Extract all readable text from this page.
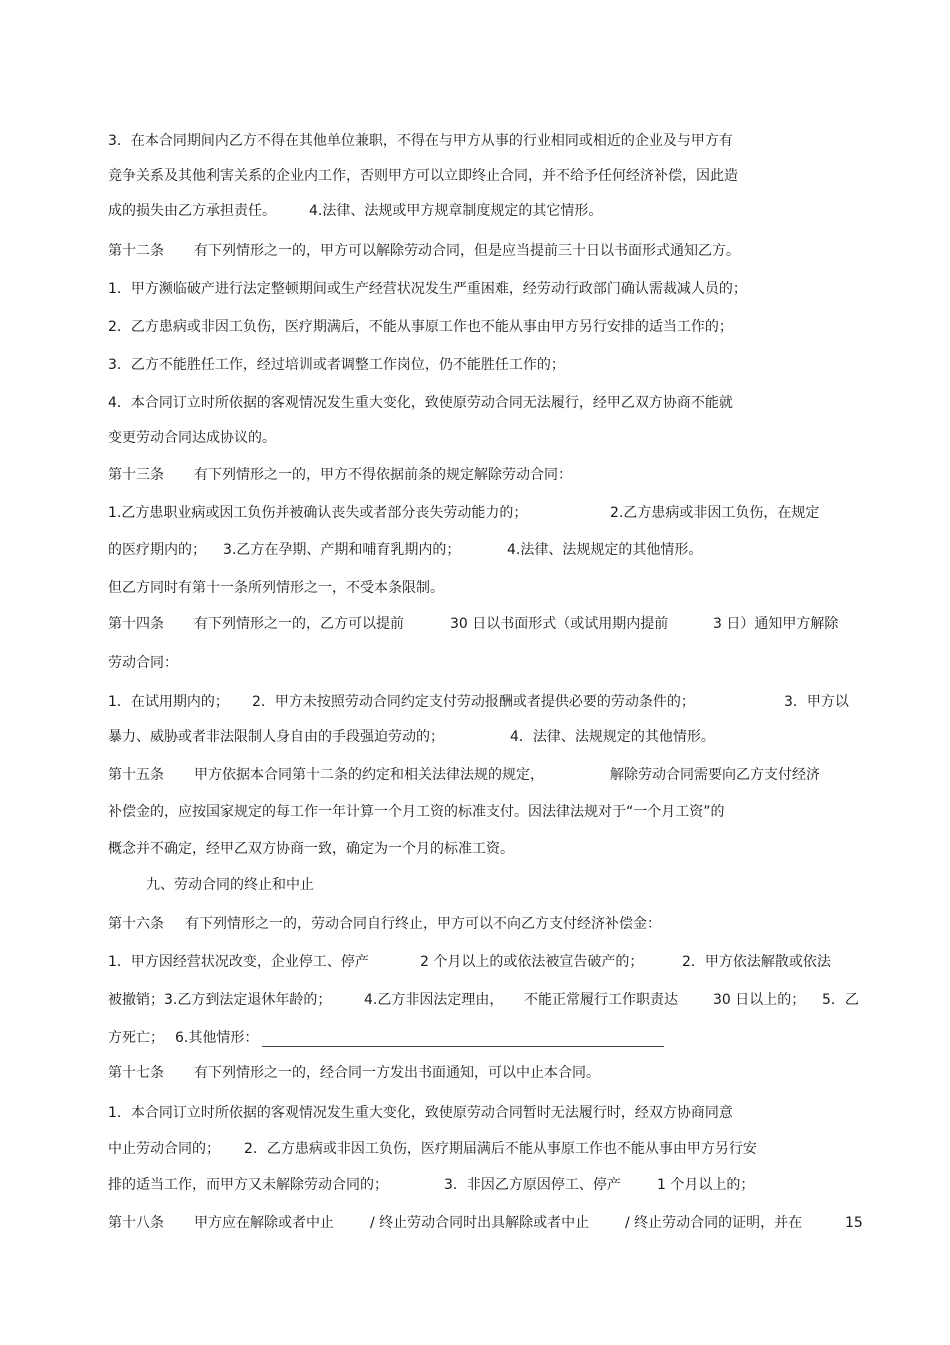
3．在本合同期间内乙方不得在其他单位兼职，不得在与甲方从事的行业相同或相近的企业及与甲方有
竞争关系及其他利害关系的企业内工作，否则甲方可以立即终止合同，并不给予任何经济补偿，因此造
成的损失由乙方承担责任。 4.法律、法规或甲方规章制度规定的其它情形。
第十二条 有下列情形之一的，甲方可以解除劳动合同，但是应当提前三十日以书面形式通知乙方。
1．甲方濒临破产进行法定整顿期间或生产经营状况发生严重困难，经劳动行政部门确认需裁减人员的；
2．乙方患病或非因工负伤，医疗期满后，不能从事原工作也不能从事由甲方另行安排的适当工作的；
3．乙方不能胜任工作，经过培训或者调整工作岗位，仍不能胜任工作的；
4．本合同订立时所依据的客观情况发生重大变化，致使原劳动合同无法履行，经甲乙双方协商不能就
变更劳动合同达成协议的。
第十三条 有下列情形之一的，甲方不得依据前条的规定解除劳动合同：
1.乙方患职业病或因工负伤并被确认丧失或者部分丧失劳动能力的；	2.乙方患病或非因工负伤，在规定
的医疗期内的； 3.乙方在孕期、产期和哺育乳期内的；	4.法律、法规规定的其他情形。
但乙方同时有第十一条所列情形之一，不受本条限制。
第十四条 有下列情形之一的，乙方可以提前	30 日以书面形式（或试用期内提前	3 日）通知甲方解除
劳动合同：
1．在试用期内的； 2．甲方未按照劳动合同约定支付劳动报酬或者提供必要的劳动条件的；	3．甲方以
暴力、威胁或者非法限制人身自由的手段强迫劳动的；	4．法律、法规规定的其他情形。
第十五条 甲方依据本合同第十二条的约定和相关法律法规的规定，	解除劳动合同需要向乙方支付经济
补偿金的，应按国家规定的每工作一年计算一个月工资的标准支付。因法律法规对于“一个月工资”的
概念并不确定，经甲乙双方协商一致，确定为一个月的标准工资。
九、劳动合同的终止和中止
第十六条 有下列情形之一的，劳动合同自行终止，甲方可以不向乙方支付经济补偿金：
1．甲方因经营状况改变，企业停工、停产	2 个月以上的或依法被宣告破产的；	2．甲方依法解散或依法
被撤销；3.乙方到法定退休年龄的； 4.乙方非因法定理由， 不能正常履行工作职责达	30 日以上的； 5．乙
方死亡； 6.其他情形：
第十七条 有下列情形之一的，经合同一方发出书面通知，可以中止本合同。
1．本合同订立时所依据的客观情况发生重大变化，致使原劳动合同暂时无法履行时，经双方协商同意
中止劳动合同的； 2．乙方患病或非因工负伤，医疗期届满后不能从事原工作也不能从事由甲方另行安
排的适当工作，而甲方又未解除劳动合同的；	3．非因乙方原因停工、停产	1 个月以上的；
第十八条 甲方应在解除或者中止	/ 终止劳动合同时出具解除或者中止	/ 终止劳动合同的证明，并在	15
